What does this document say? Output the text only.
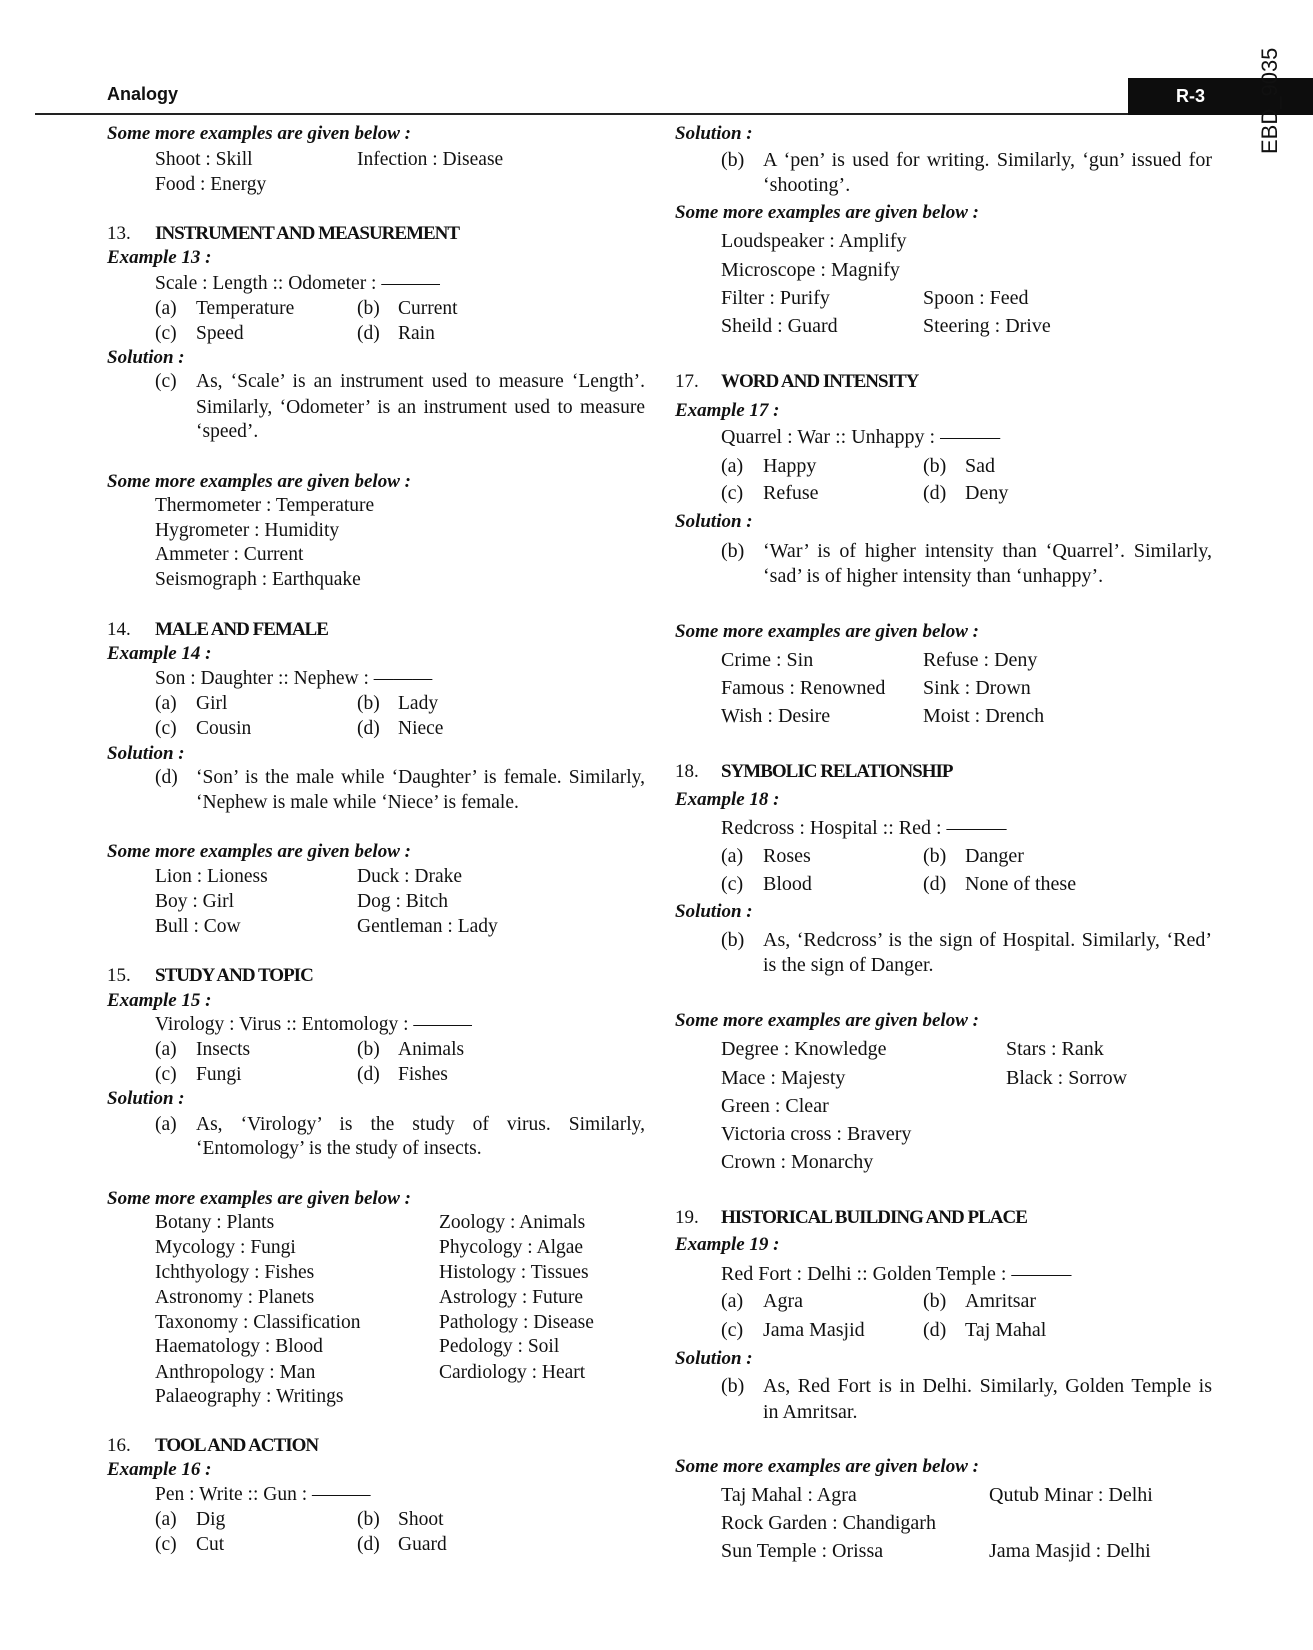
Analogy	R-3	EBD_9035
Some more examples are given below :
Shoot : Skill	Infection : Disease
Food : Energy
13. INSTRUMENT AND MEASUREMENT
Example 13 :
Scale : Length :: Odometer : ———
(a) Temperature	(b) Current
(c) Speed	(d) Rain
Solution :
(c) As, ‘Scale’ is an instrument used to measure ‘Length’.
Similarly, ‘Odometer’ is an instrument used to measure
‘speed’.
Some more examples are given below :
Thermometer : Temperature
Hygrometer : Humidity
Ammeter : Current
Seismograph : Earthquake
14. MALE AND FEMALE
Example 14 :
Son : Daughter :: Nephew : ———
(a) Girl	(b) Lady
(c) Cousin	(d) Niece
Solution :
(d) ‘Son’ is the male while ‘Daughter’ is female. Similarly,
‘Nephew is male while ‘Niece’ is female.
Some more examples are given below :
Lion : Lioness	Duck : Drake
Boy : Girl	Dog : Bitch
Bull : Cow	Gentleman : Lady
15. STUDY AND TOPIC
Example 15 :
Virology : Virus :: Entomology : ———
(a) Insects	(b) Animals
(c) Fungi	(d) Fishes
Solution :
(a) As, ‘Virology’ is the study of virus. Similarly,
‘Entomology’ is the study of insects.
Some more examples are given below :
Botany : Plants	Zoology : Animals
Mycology : Fungi	Phycology : Algae
Ichthyology : Fishes	Histology : Tissues
Astronomy : Planets	Astrology : Future
Taxonomy : Classification	Pathology : Disease
Haematology : Blood	Pedology : Soil
Anthropology : Man	Cardiology : Heart
Palaeography : Writings
16. TOOL AND ACTION
Example 16 :
Pen : Write :: Gun : ———
(a) Dig	(b) Shoot
(c) Cut	(d) Guard
Solution :
(b) A ‘pen’ is used for writing. Similarly, ‘gun’ issued for
‘shooting’.
Some more examples are given below :
Loudspeaker : Amplify
Microscope : Magnify
Filter : Purify	Spoon : Feed
Sheild : Guard	Steering : Drive
17. WORD AND INTENSITY
Example 17 :
Quarrel : War :: Unhappy : ———
(a) Happy	(b) Sad
(c) Refuse	(d) Deny
Solution :
(b) ‘War’ is of higher intensity than ‘Quarrel’. Similarly,
‘sad’ is of higher intensity than ‘unhappy’.
Some more examples are given below :
Crime : Sin	Refuse : Deny
Famous : Renowned Sink : Drown
Wish : Desire	Moist : Drench
18. SYMBOLIC RELATIONSHIP
Example 18 :
Redcross : Hospital :: Red : ———
(a) Roses	(b) Danger
(c) Blood	(d) None of these
Solution :
(b) As, ‘Redcross’ is the sign of Hospital. Similarly, ‘Red’
is the sign of Danger.
Some more examples are given below :
Degree : Knowledge	Stars : Rank
Mace : Majesty	Black : Sorrow
Green : Clear
Victoria cross : Bravery
Crown : Monarchy
19. HISTORICAL BUILDING AND PLACE
Example 19 :
Red Fort : Delhi :: Golden Temple : ———
(a) Agra	(b) Amritsar
(c) Jama Masjid	(d) Taj Mahal
Solution :
(b) As, Red Fort is in Delhi. Similarly, Golden Temple is
in Amritsar.
Some more examples are given below :
Taj Mahal : Agra	Qutub Minar : Delhi
Rock Garden : Chandigarh
Sun Temple : Orissa	Jama Masjid : Delhi
